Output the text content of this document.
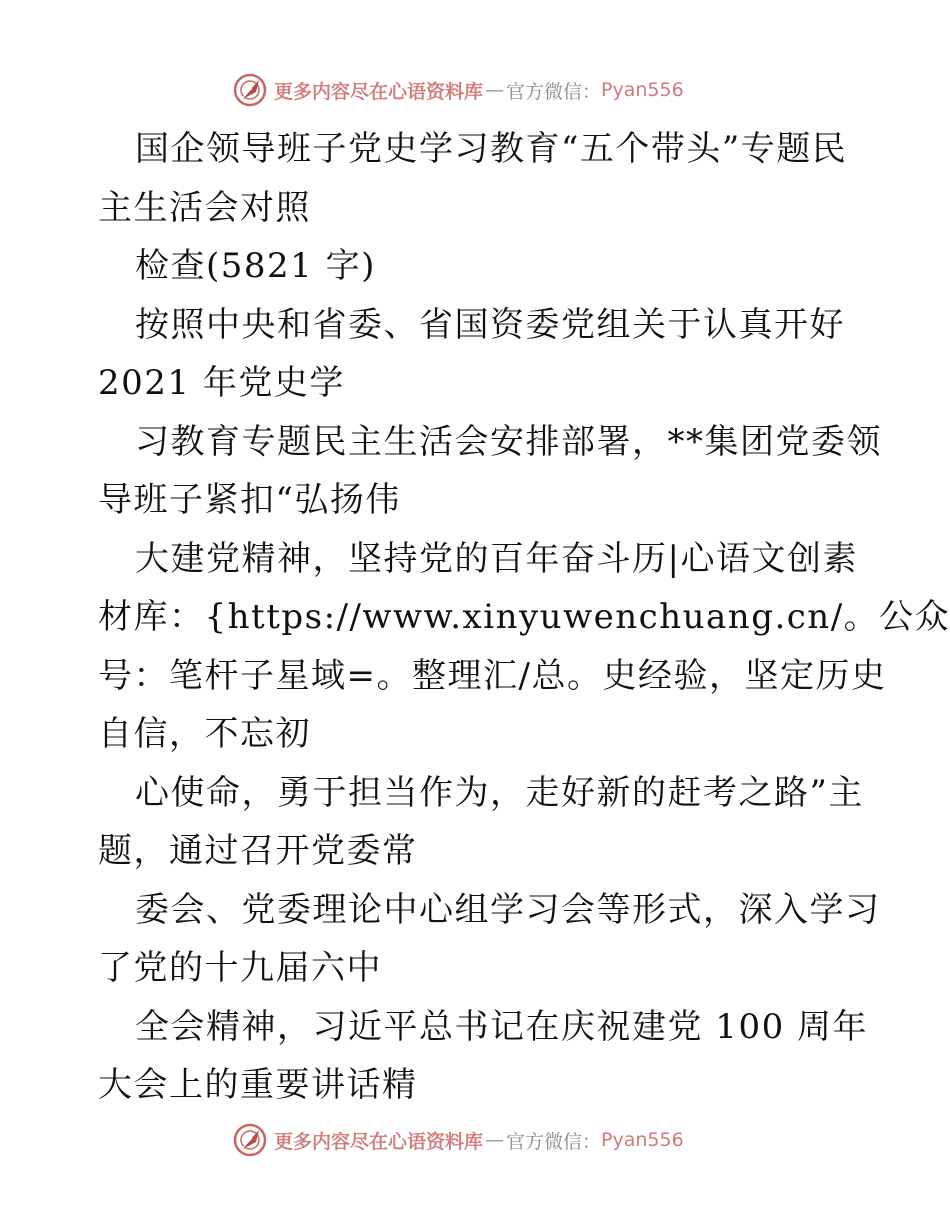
更多内容尽在心语资料库 — 官方微信： Pyan556
国企领导班子党史学习教育“五个带头”专题民
主生活会对照
检查(5821 字)
按照中央和省委、省国资委党组关于认真开好
2021 年党史学
习教育专题民主生活会安排部署，**集团党委领
导班子紧扣“弘扬伟
大建党精神，坚持党的百年奋斗历|心语文创素
材库：{https://www.xinyuwenchuang.cn/。公众
号：笔杆子星域=。整理汇/总。史经验，坚定历史
自信，不忘初
心使命，勇于担当作为，走好新的赶考之路”主
题，通过召开党委常
委会、党委理论中心组学习会等形式，深入学习
了党的十九届六中
全会精神，习近平总书记在庆祝建党 100 周年
大会上的重要讲话精
更多内容尽在心语资料库 — 官方微信： Pyan556
